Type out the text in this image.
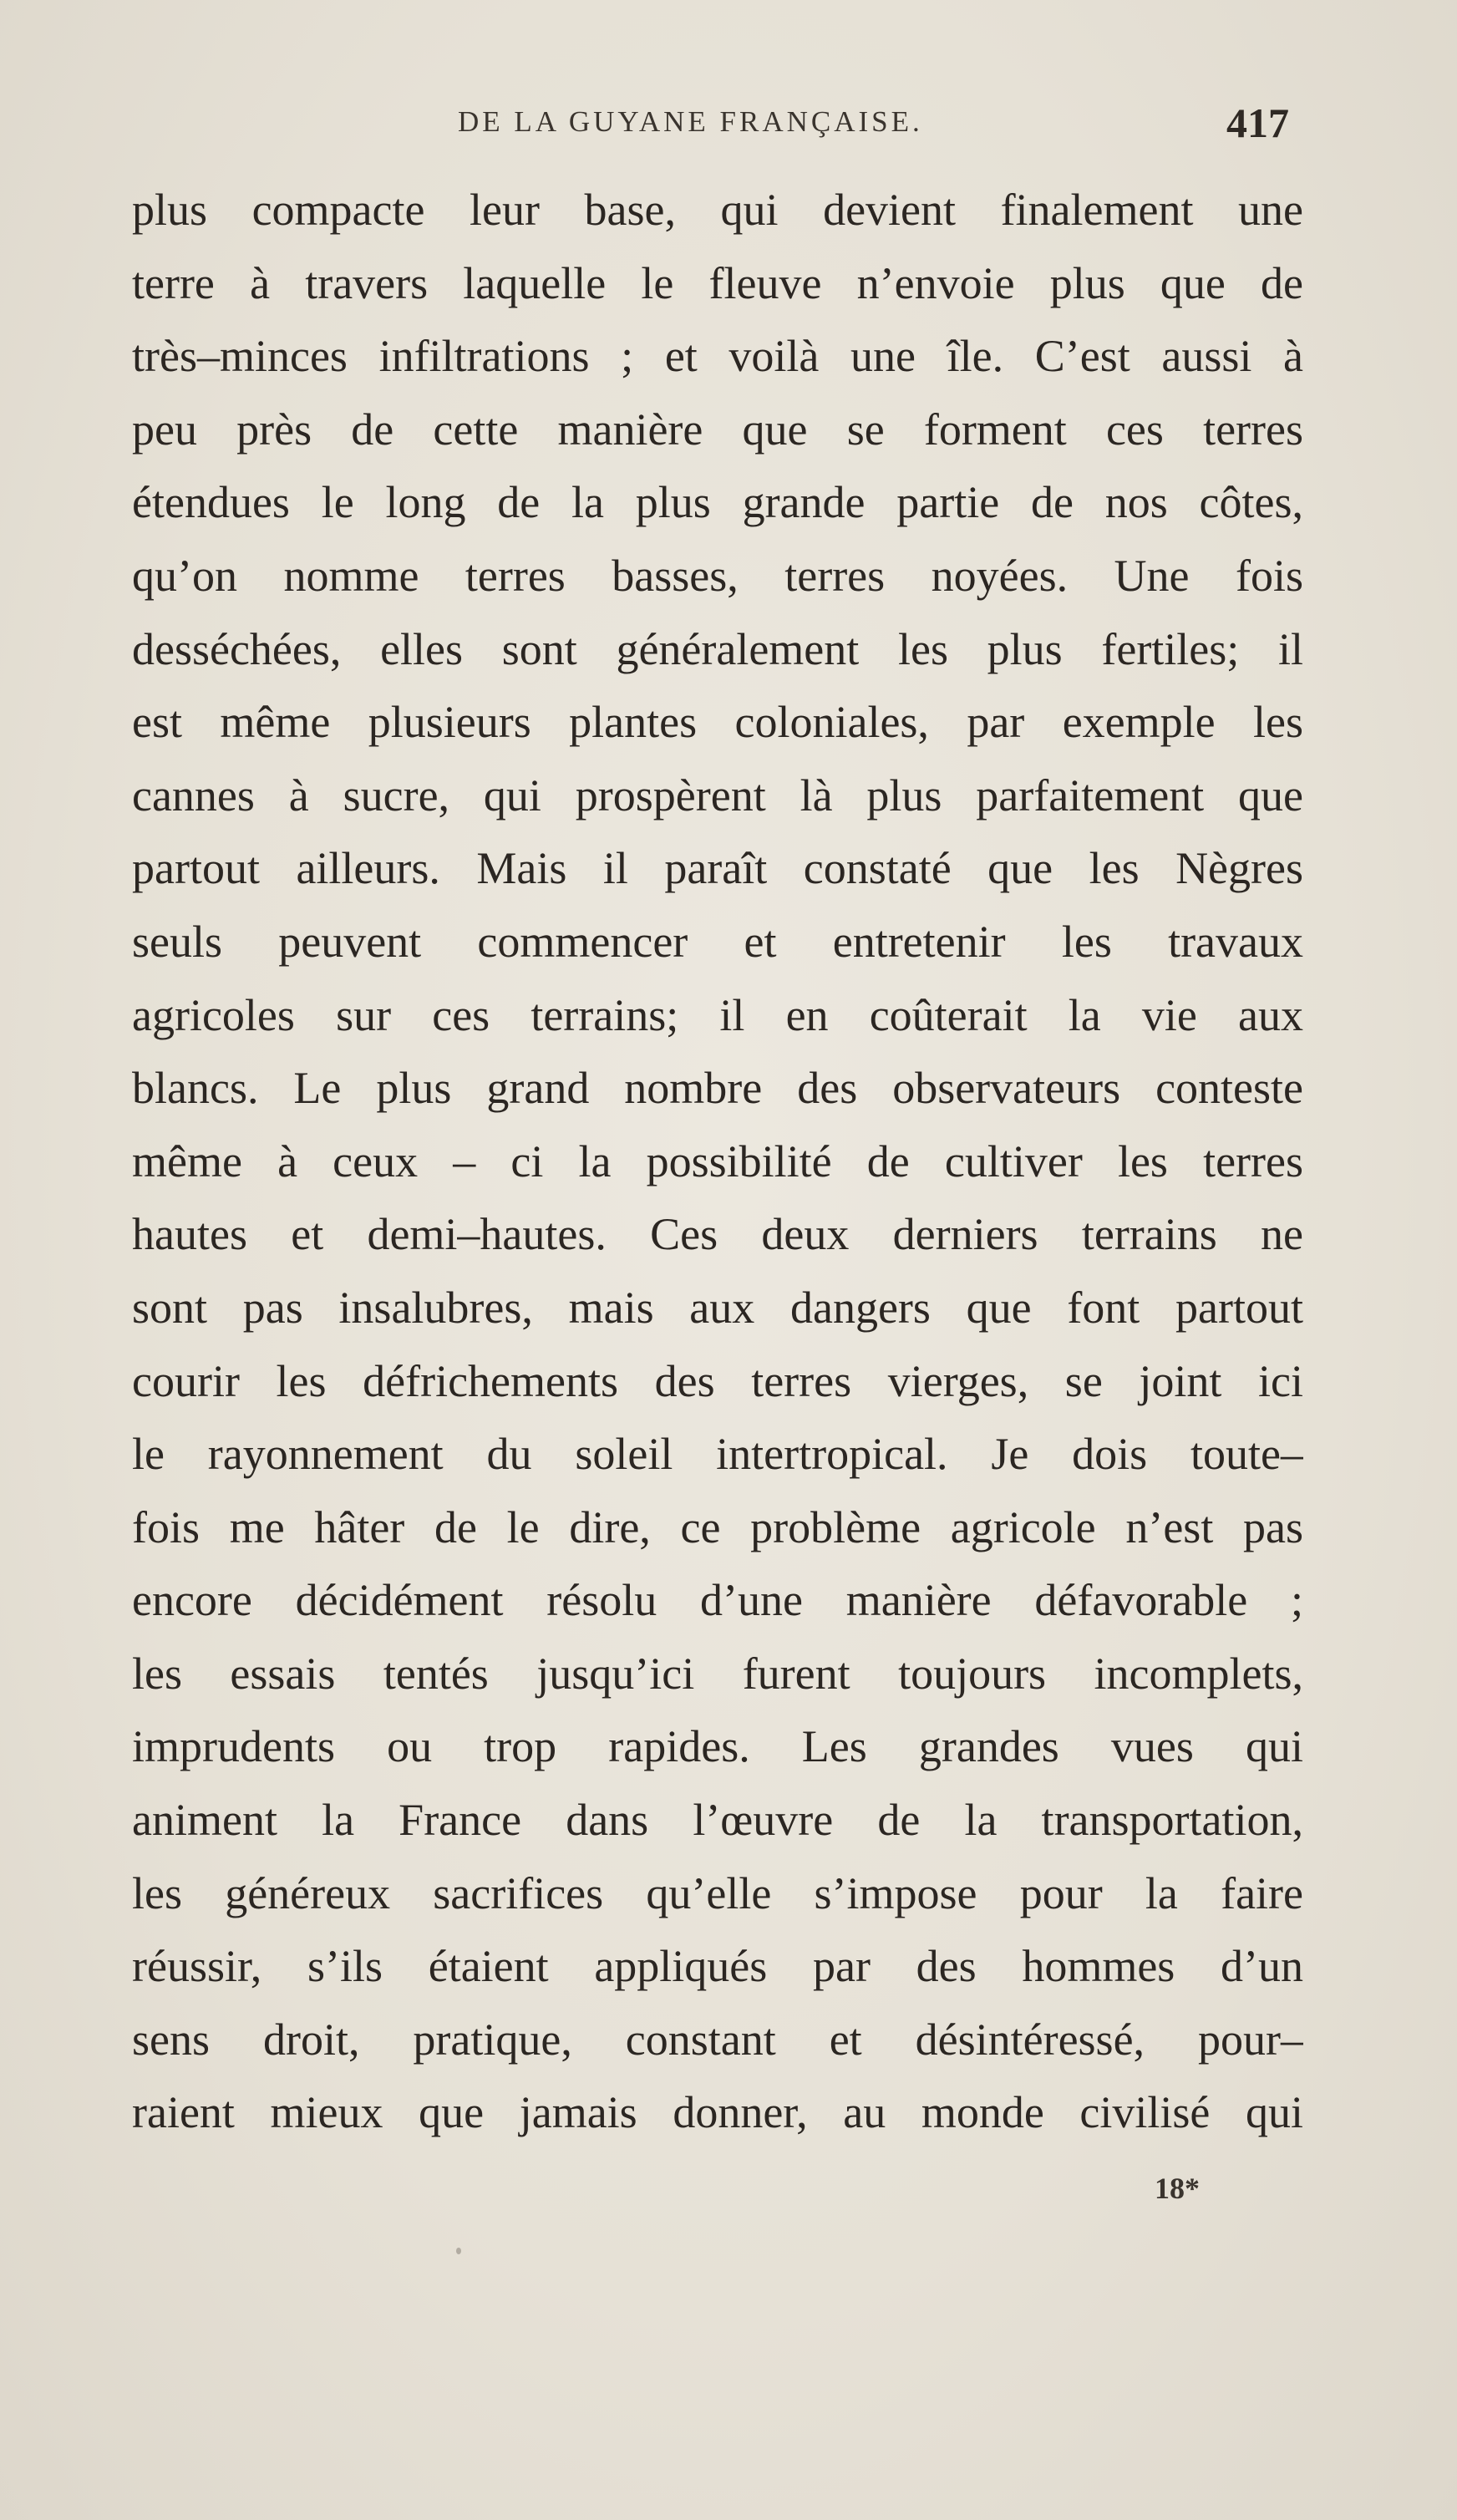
DE LA GUYANE FRANÇAISE.	417
plus compacte leur base, qui devient finalement une
terre à travers laquelle le fleuve n’envoie plus que de
très–minces infiltrations ; et voilà une île. C’est aussi à
peu près de cette manière que se forment ces terres
étendues le long de la plus grande partie de nos côtes,
qu’on nomme terres basses, terres noyées. Une fois
desséchées, elles sont généralement les plus fertiles; il
est même plusieurs plantes coloniales, par exemple les
cannes à sucre, qui prospèrent là plus parfaitement que
partout ailleurs. Mais il paraît constaté que les Nègres
seuls peuvent commencer et entretenir les travaux
agricoles sur ces terrains; il en coûterait la vie aux
blancs. Le plus grand nombre des observateurs conteste
même à ceux – ci la possibilité de cultiver les terres
hautes et demi–hautes. Ces deux derniers terrains ne
sont pas insalubres, mais aux dangers que font partout
courir les défrichements des terres vierges, se joint ici
le rayonnement du soleil intertropical. Je dois toute–
fois me hâter de le dire, ce problème agricole n’est pas
encore décidément résolu d’une manière défavorable ;
les essais tentés jusqu’ici furent toujours incomplets,
imprudents ou trop rapides. Les grandes vues qui
animent la France dans l’œuvre de la transportation,
les généreux sacrifices qu’elle s’impose pour la faire
réussir, s’ils étaient appliqués par des hommes d’un
sens droit, pratique, constant et désintéressé, pour–
raient mieux que jamais donner, au monde civilisé qui
18*
